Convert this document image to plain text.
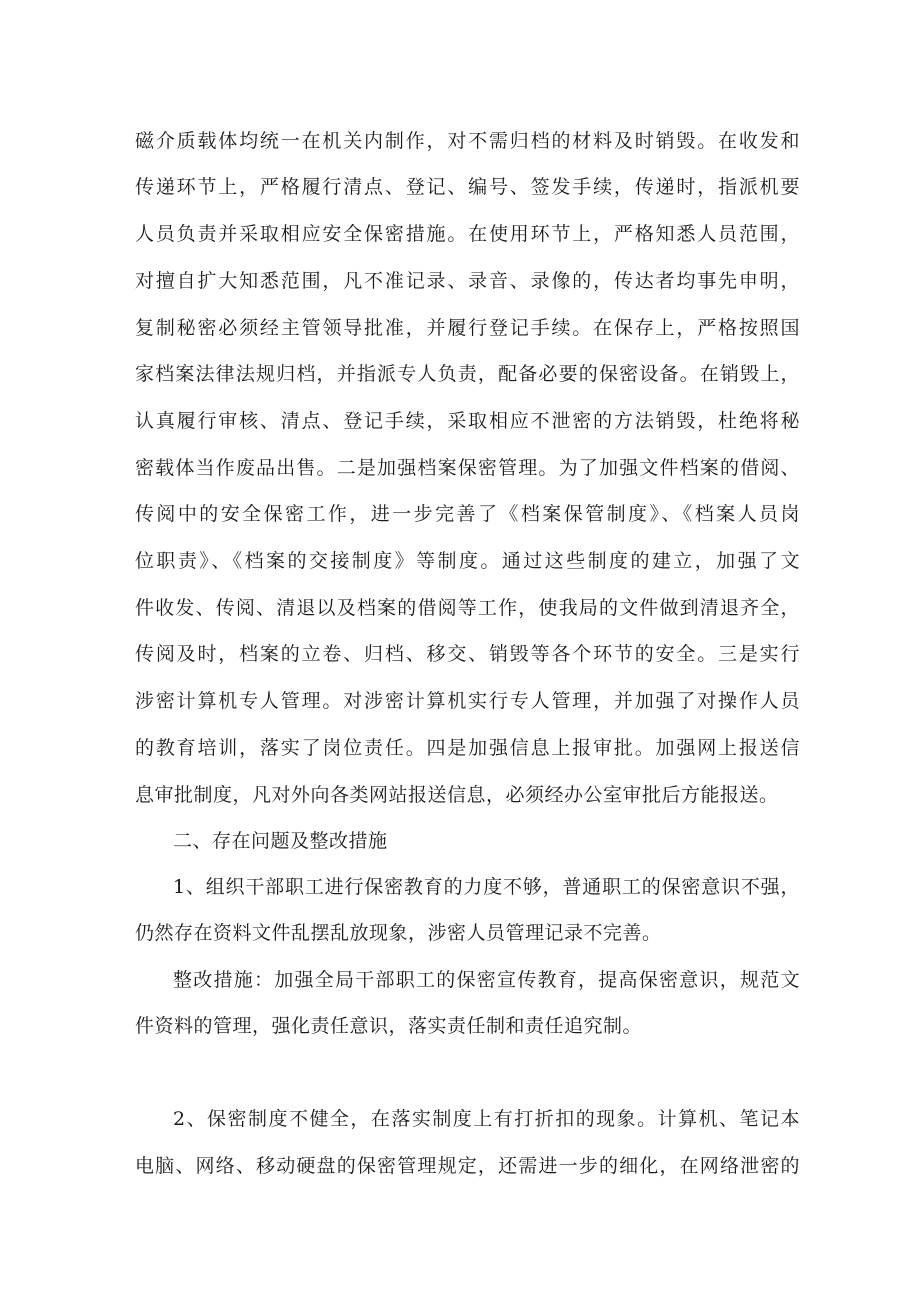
磁介质载体均统一在机关内制作，对不需归档的材料及时销毁。在收发和
传递环节上，严格履行清点、登记、编号、签发手续，传递时，指派机要
人员负责并采取相应安全保密措施。在使用环节上，严格知悉人员范围，
对擅自扩大知悉范围，凡不准记录、录音、录像的，传达者均事先申明，
复制秘密必须经主管领导批准，并履行登记手续。在保存上，严格按照国
家档案法律法规归档，并指派专人负责，配备必要的保密设备。在销毁上，
认真履行审核、清点、登记手续，采取相应不泄密的方法销毁，杜绝将秘
密载体当作废品出售。二是加强档案保密管理。为了加强文件档案的借阅、
传阅中的安全保密工作，进一步完善了《档案保管制度》、《档案人员岗
位职责》、《档案的交接制度》等制度。通过这些制度的建立，加强了文
件收发、传阅、清退以及档案的借阅等工作，使我局的文件做到清退齐全，
传阅及时，档案的立卷、归档、移交、销毁等各个环节的安全。三是实行
涉密计算机专人管理。对涉密计算机实行专人管理，并加强了对操作人员
的教育培训，落实了岗位责任。四是加强信息上报审批。加强网上报送信
息审批制度，凡对外向各类网站报送信息，必须经办公室审批后方能报送。
二、存在问题及整改措施
1、组织干部职工进行保密教育的力度不够，普通职工的保密意识不强，
仍然存在资料文件乱摆乱放现象，涉密人员管理记录不完善。
整改措施：加强全局干部职工的保密宣传教育，提高保密意识，规范文
件资料的管理，强化责任意识，落实责任制和责任追究制。
2、保密制度不健全，在落实制度上有打折扣的现象。计算机、笔记本
电脑、网络、移动硬盘的保密管理规定，还需进一步的细化，在网络泄密的
